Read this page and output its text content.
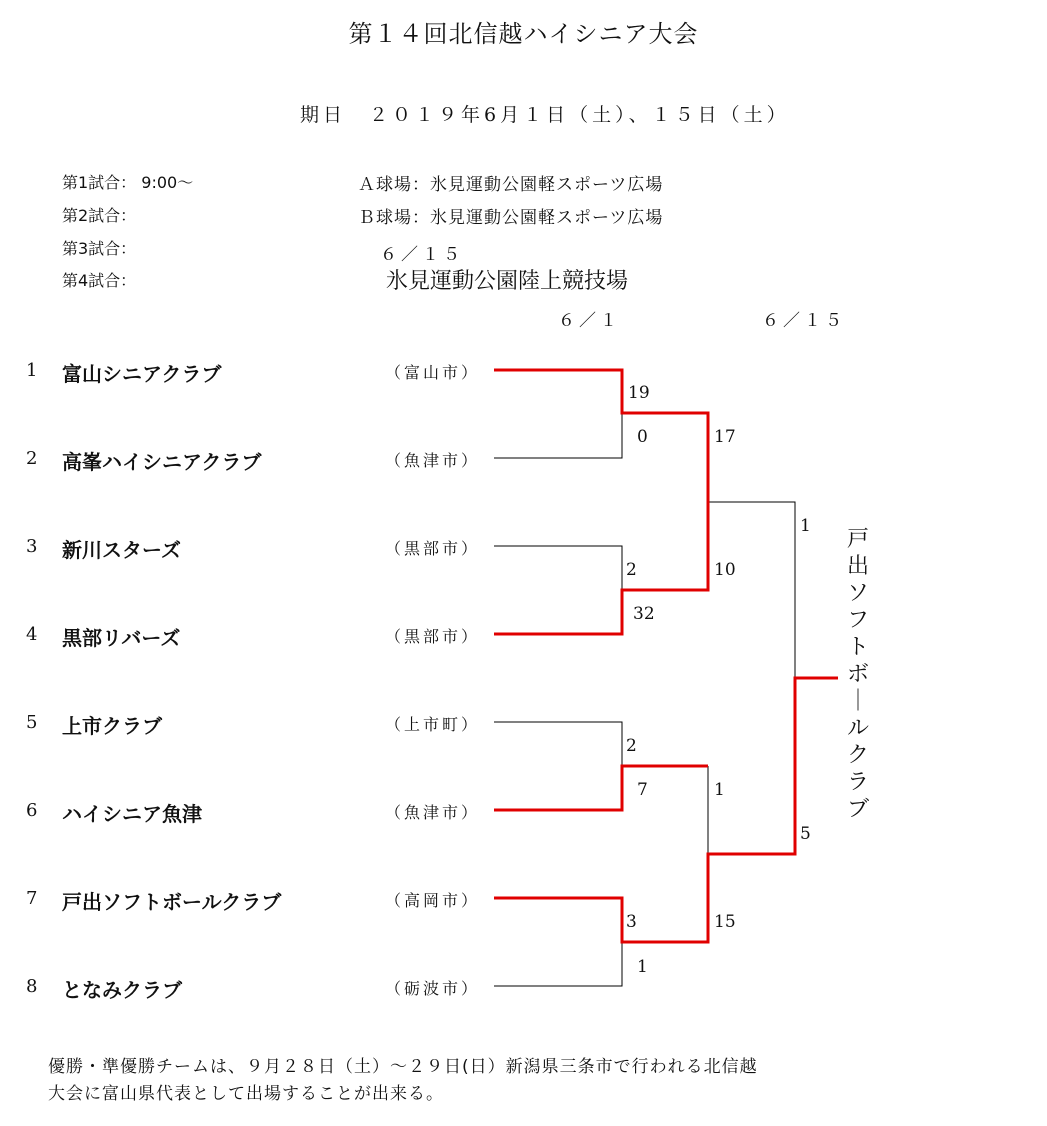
第１４回北信越ハイシニア大会
期日　２０１９年6月１日（土）、１５日（土）
第1試合： 9:00～
第2試合：
第3試合：
第4試合：
Ａ球場：氷見運動公園軽スポーツ広場
Ｂ球場：氷見運動公園軽スポーツ広場
６／１５
氷見運動公園陸上競技場
６／１	６／１５
1 富山シニアクラブ	（富山市）
2 高峯ハイシニアクラブ	（魚津市）
3 新川スターズ	（黒部市）
4 黒部リバーズ	（黒部市）
5 上市クラブ	（上市町）
6 ハイシニア魚津	（魚津市）
7 戸出ソフトボールクラブ	（高岡市）
8 となみクラブ	（砺波市）
19
0
2
32
2
7
3
1
17
10
1
15
1
5
戸
出
ソ
フ
ト
ボ
｜
ル
ク
ラ
ブ
優勝・準優勝チームは、９月２８日（土）～２９日(日）新潟県三条市で行われる北信越
大会に富山県代表として出場することが出来る。
